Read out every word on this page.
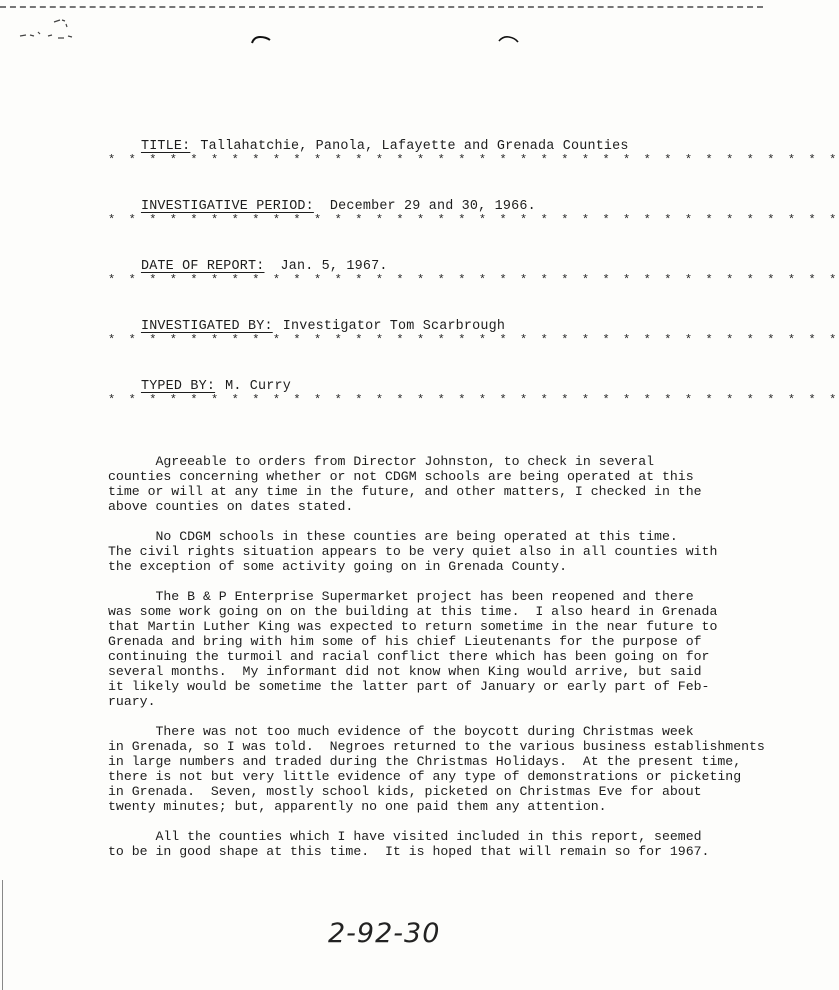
TITLE: Tallahatchie, Panola, Lafayette and Grenada Counties

* * * * * * * * * * * * * * * * * * * * * * * * * * * * * * * * * * * *

INVESTIGATIVE PERIOD: December 29 and 30, 1966.

* * * * * * * * * * * * * * * * * * * * * * * * * * * * * * * * * * * *

DATE OF REPORT: Jan. 5, 1967.

* * * * * * * * * * * * * * * * * * * * * * * * * * * * * * * * * * * *

INVESTIGATED BY: Investigator Tom Scarbrough

* * * * * * * * * * * * * * * * * * * * * * * * * * * * * * * * * * * *

TYPED BY: M. Curry

* * * * * * * * * * * * * * * * * * * * * * * * * * * * * * * * * * * *
Agreeable to orders from Director Johnston, to check in several
counties concerning whether or not CDGM schools are being operated at this
time or will at any time in the future, and other matters, I checked in the
above counties on dates stated.
No CDGM schools in these counties are being operated at this time.
The civil rights situation appears to be very quiet also in all counties with
the exception of some activity going on in Grenada County.
The B & P Enterprise Supermarket project has been reopened and there
was some work going on on the building at this time.  I also heard in Grenada
that Martin Luther King was expected to return sometime in the near future to
Grenada and bring with him some of his chief Lieutenants for the purpose of
continuing the turmoil and racial conflict there which has been going on for
several months.  My informant did not know when King would arrive, but said
it likely would be sometime the latter part of January or early part of Feb-
ruary.
There was not too much evidence of the boycott during Christmas week
in Grenada, so I was told.  Negroes returned to the various business establishments
in large numbers and traded during the Christmas Holidays.  At the present time,
there is not but very little evidence of any type of demonstrations or picketing
in Grenada.  Seven, mostly school kids, picketed on Christmas Eve for about
twenty minutes; but, apparently no one paid them any attention.
All the counties which I have visited included in this report, seemed
to be in good shape at this time.  It is hoped that will remain so for 1967.
2-92-30
